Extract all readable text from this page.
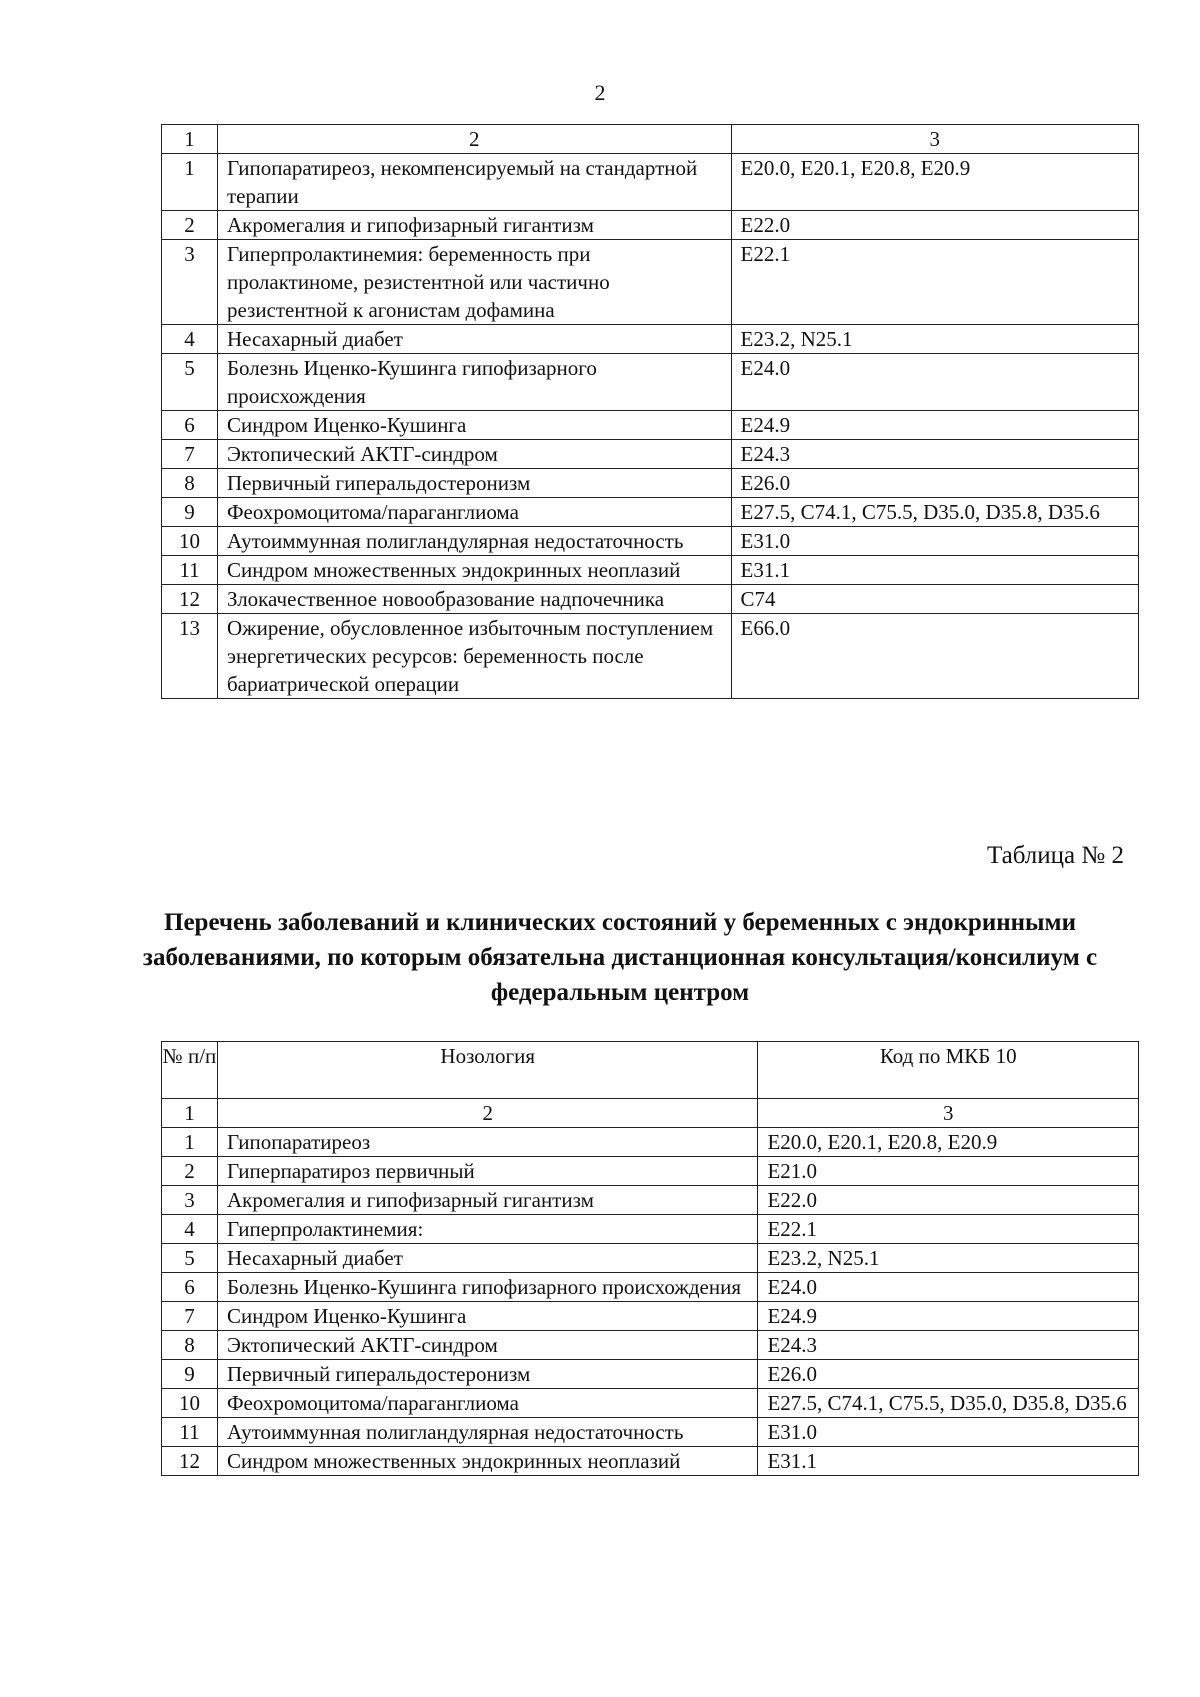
2
1	2	3
1	Гипопаратиреоз, некомпенсируемый на стандартной терапии	E20.0, E20.1, E20.8, E20.9
2	Акромегалия и гипофизарный гигантизм	E22.0
3	Гиперпролактинемия: беременность при пролактиноме, резистентной или частично резистентной к агонистам дофамина	E22.1
4	Несахарный диабет	E23.2, N25.1
5	Болезнь Иценко-Кушинга гипофизарного происхождения	E24.0
6	Синдром Иценко-Кушинга	E24.9
7	Эктопический АКТГ-синдром	E24.3
8	Первичный гиперальдостеронизм	E26.0
9	Феохромоцитома/параганглиома	E27.5, C74.1, C75.5, D35.0, D35.8, D35.6
10	Аутоиммунная полигландулярная недостаточность	E31.0
11	Синдром множественных эндокринных неоплазий	E31.1
12	Злокачественное новообразование надпочечника	C74
13	Ожирение, обусловленное избыточным поступлением энергетических ресурсов: беременность после бариатрической операции	E66.0
Таблица № 2
Перечень заболеваний и клинических состояний у беременных с эндокринными заболеваниями, по которым обязательна дистанционная консультация/консилиум с федеральным центром
№ п/п	Нозология	Код по МКБ 10
1	2	3
1	Гипопаратиреоз	E20.0, E20.1, E20.8, E20.9
2	Гиперпаратироз первичный	E21.0
3	Акромегалия и гипофизарный гигантизм	E22.0
4	Гиперпролактинемия:	E22.1
5	Несахарный диабет	E23.2, N25.1
6	Болезнь Иценко-Кушинга гипофизарного происхождения	E24.0
7	Синдром Иценко-Кушинга	E24.9
8	Эктопический АКТГ-синдром	E24.3
9	Первичный гиперальдостеронизм	E26.0
10	Феохромоцитома/параганглиома	E27.5, C74.1, C75.5, D35.0, D35.8, D35.6
11	Аутоиммунная полигландулярная недостаточность	E31.0
12	Синдром множественных эндокринных неоплазий	E31.1
